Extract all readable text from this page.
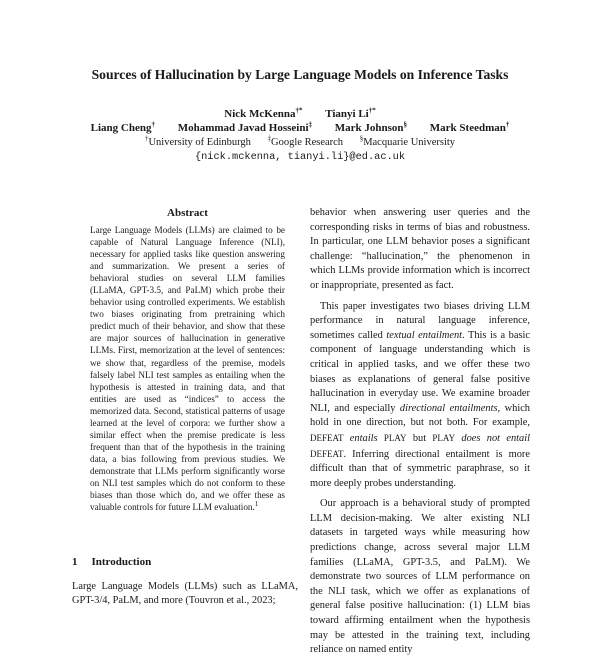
Sources of Hallucination by Large Language Models on Inference Tasks
Nick McKenna†* Tianyi Li†*
Liang Cheng† Mohammad Javad Hosseini‡ Mark Johnson§ Mark Steedman†
†University of Edinburgh ‡Google Research §Macquarie University
{nick.mckenna, tianyi.li}@ed.ac.uk
Abstract
Large Language Models (LLMs) are claimed to be capable of Natural Language Inference (NLI), necessary for applied tasks like question answering and summarization. We present a series of behavioral studies on several LLM families (LLaMA, GPT-3.5, and PaLM) which probe their behavior using controlled experiments. We establish two biases originating from pretraining which predict much of their behavior, and show that these are major sources of hallucination in generative LLMs. First, memorization at the level of sentences: we show that, regardless of the premise, models falsely label NLI test samples as entailing when the hypothesis is attested in training data, and that entities are used as “indices” to access the memorized data. Second, statistical patterns of usage learned at the level of corpora: we further show a similar effect when the premise predicate is less frequent than that of the hypothesis in the training data, a bias following from previous studies. We demonstrate that LLMs perform significantly worse on NLI test samples which do not conform to these biases than those which do, and we offer these as valuable controls for future LLM evaluation.$^1$
1 Introduction
Large Language Models (LLMs) such as LLaMA, GPT-3/4, PaLM, and more (Touvron et al., 2023;

behavior when answering user queries and the corresponding risks in terms of bias and robustness. In particular, one LLM behavior poses a significant challenge: “hallucination,” the phenomenon in which LLMs provide information which is incorrect or inappropriate, presented as fact.

This paper investigates two biases driving LLM performance in natural language inference, sometimes called textual entailment. This is a basic component of language understanding which is critical in applied tasks, and we offer these two biases as explanations of general false positive hallucination in everyday use. We examine broader NLI, and especially directional entailments, which hold in one direction, but not both. For example, DEFEAT entails PLAY but PLAY does not entail DEFEAT. Inferring directional entailment is more difficult than that of symmetric paraphrase, so it more deeply probes understanding.

Our approach is a behavioral study of prompted LLM decision-making. We alter existing NLI datasets in targeted ways while measuring how predictions change, across several major LLM families (LLaMA, GPT-3.5, and PaLM). We demonstrate two sources of LLM performance on the NLI task, which we offer as explanations of general false positive hallucination: (1) LLM bias toward affirming entailment when the hypothesis may be attested in the training text, including reliance on named entity
